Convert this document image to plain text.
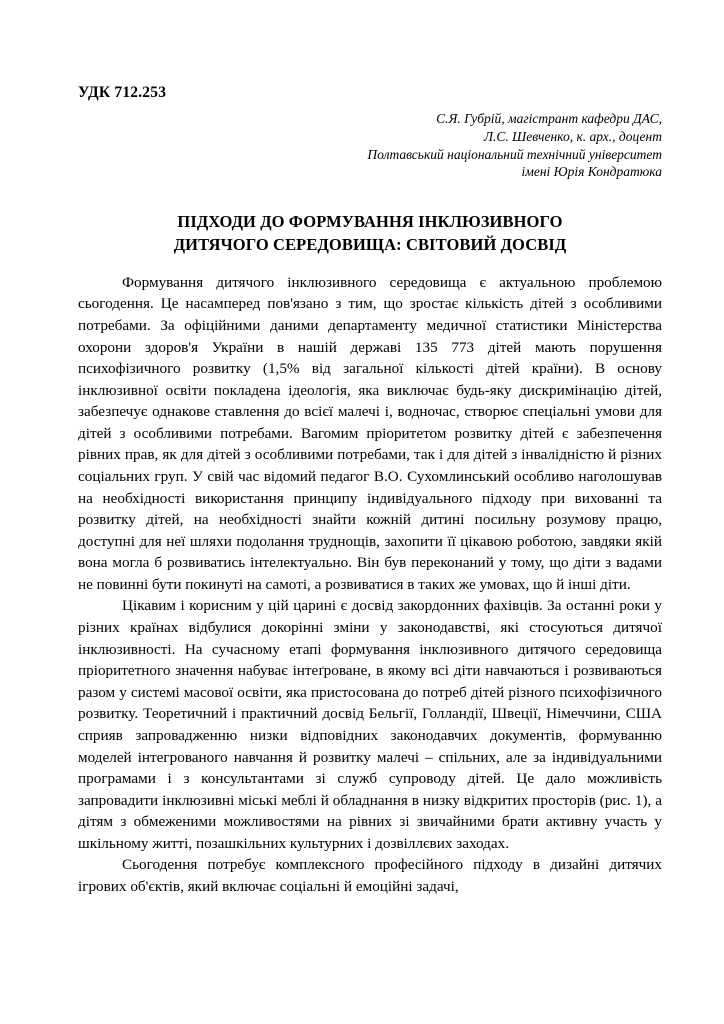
УДК 712.253
С.Я. Губрій, магістрант кафедри ДАС,
Л.С. Шевченко, к. арх., доцент
Полтавський національний технічний університет
імені Юрія Кондратюка
ПІДХОДИ ДО ФОРМУВАННЯ ІНКЛЮЗИВНОГО
ДИТЯЧОГО СЕРЕДОВИЩА: СВІТОВИЙ ДОСВІД

Формування дитячого інклюзивного середовища є актуальною проблемою сьогодення. Це насамперед пов'язано з тим, що зростає кількість дітей з особливими потребами. За офіційними даними департаменту медичної статистики Міністерства охорони здоров'я України в нашій державі 135 773 дітей мають порушення психофізичного розвитку (1,5% від загальної кількості дітей країни). В основу інклюзивної освіти покладена ідеологія, яка виключає будь-яку дискримінацію дітей, забезпечує однакове ставлення до всієї малечі і, водночас, створює спеціальні умови для дітей з особливими потребами. Вагомим пріоритетом розвитку дітей є забезпечення рівних прав, як для дітей з особливими потребами, так і для дітей з інвалідністю й різних соціальних груп. У свій час відомий педагог В.О. Сухомлинський особливо наголошував на необхідності використання принципу індивідуального підходу при вихованні та розвитку дітей, на необхідності знайти кожній дитині посильну розумову працю, доступні для неї шляхи подолання труднощів, захопити її цікавою роботою, завдяки якій вона могла б розвиватись інтелектуально. Він був переконаний у тому, що діти з вадами не повинні бути покинуті на самоті, а розвиватися в таких же умовах, що й інші діти.

Цікавим і корисним у цій царині є досвід закордонних фахівців. За останні роки у різних країнах відбулися докорінні зміни у законодавстві, які стосуються дитячої інклюзивності. На сучасному етапі формування інклюзивного дитячого середовища пріоритетного значення набуває інтеґроване, в якому всі діти навчаються і розвиваються разом у системі масової освіти, яка пристосована до потреб дітей різного психофізичного розвитку. Теоретичний і практичний досвід Бельгії, Голландії, Швеції, Німеччини, США сприяв запровадженню низки відповідних законодавчих документів, формуванню моделей інтегрованого навчання й розвитку малечі – спільних, але за індивідуальними програмами і з консультантами зі служб супроводу дітей. Це дало можливість запровадити інклюзивні міські меблі й обладнання в низку відкритих просторів (рис. 1), а дітям з обмеженими можливостями на рівних зі звичайними брати активну участь у шкільному житті, позашкільних культурних і дозвіллєвих заходах.

Сьогодення потребує комплексного професійного підходу в дизайні дитячих ігрових об'єктів, який включає соціальні й емоційні задачі,
